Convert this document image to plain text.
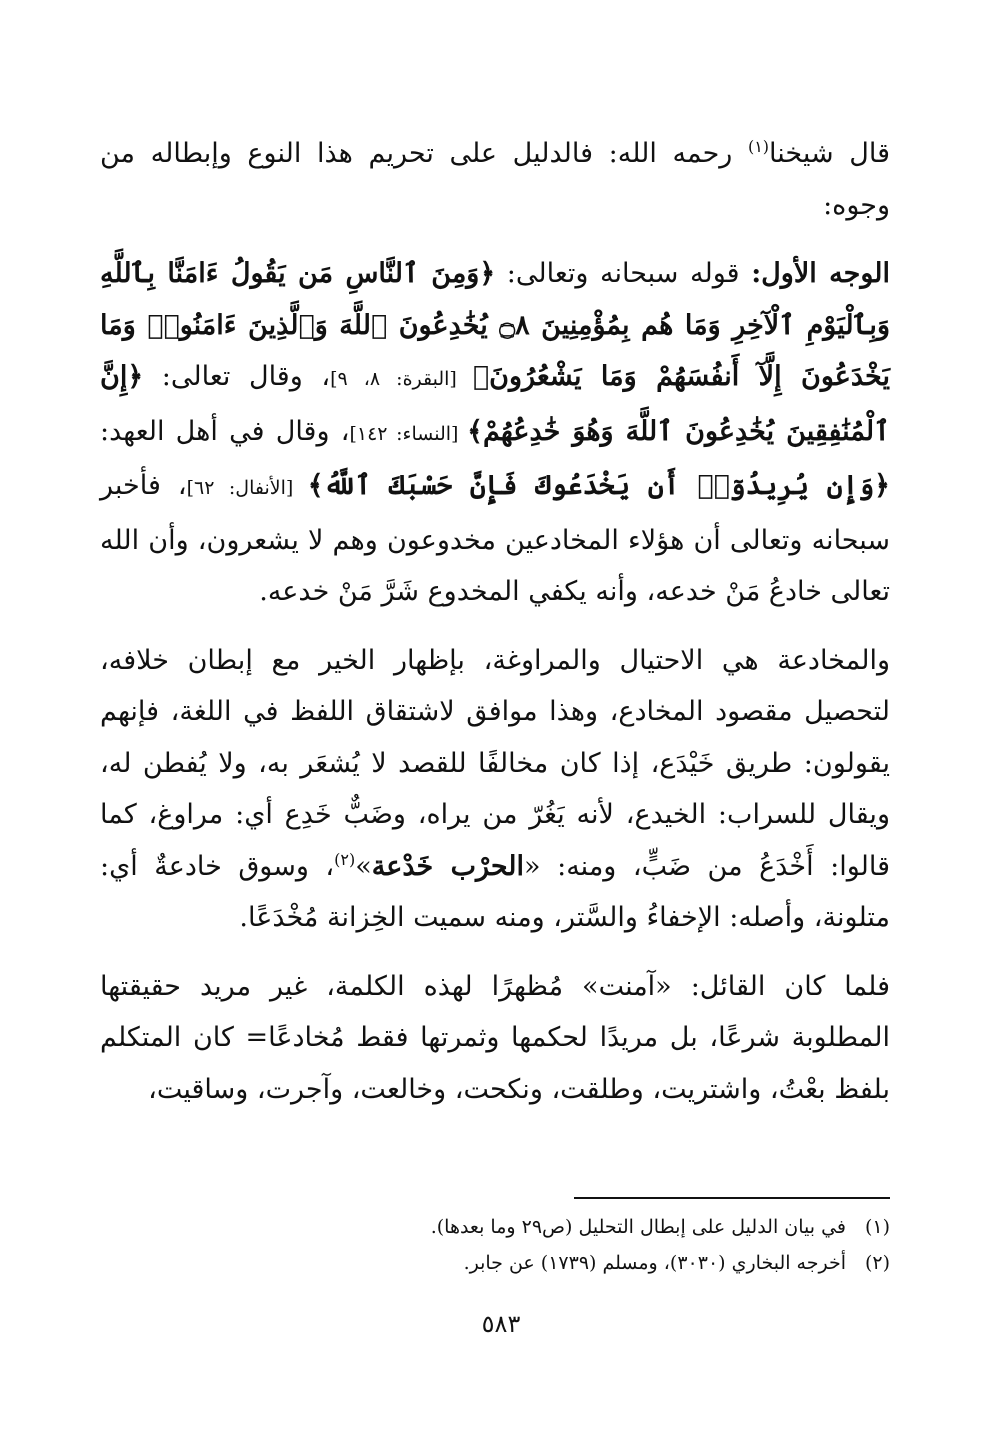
قال شيخنا$^{(١)}$ رحمه الله: فالدليل على تحريم هذا النوع وإبطاله من وجوه:

الوجه الأول: قوله سبحانه وتعالى: ﴿وَمِنَ ٱلنَّاسِ مَن يَقُولُ ءَامَنَّا بِٱللَّهِ وَبِٱلْيَوْمِ ٱلْآخِرِ وَمَا هُم بِمُؤْمِنِينَ ۝٨ يُخَٰدِعُونَ ٱللَّهَ وَٱلَّذِينَ ءَامَنُوا۟ وَمَا يَخْدَعُونَ إِلَّآ أَنفُسَهُمْ وَمَا يَشْعُرُونَ﴾ [البقرة: ٨، ٩]، وقال تعالى: ﴿إِنَّ ٱلْمُنَٰفِقِينَ يُخَٰدِعُونَ ٱللَّهَ وَهُوَ خَٰدِعُهُمْ﴾ [النساء: ١٤٢]، وقال في أهل العهد: ﴿وَإِن يُرِيدُوٓا۟ أَن يَخْدَعُوكَ فَإِنَّ حَسْبَكَ ٱللَّهُ﴾ [الأنفال: ٦٢]، فأخبر سبحانه وتعالى أن هؤلاء المخادعين مخدوعون وهم لا يشعرون، وأن الله تعالى خادعُ مَنْ خدعه، وأنه يكفي المخدوع شَرَّ مَنْ خدعه.

والمخادعة هي الاحتيال والمراوغة، بإظهار الخير مع إبطان خلافه، لتحصيل مقصود المخادع، وهذا موافق لاشتقاق اللفظ في اللغة، فإنهم يقولون: طريق خَيْدَع، إذا كان مخالفًا للقصد لا يُشعَر به، ولا يُفطن له، ويقال للسراب: الخيدع، لأنه يَغُرّ من يراه، وضَبٌّ خَدِع أي: مراوغ، كما قالوا: أَخْدَعُ من ضَبٍّ، ومنه: «الحرْب خَدْعة»$^{(٢)}$، وسوق خادعةٌ أي: متلونة، وأصله: الإخفاءُ والسَّتر، ومنه سميت الخِزانة مُخْدَعًا.

فلما كان القائل: «آمنت» مُظهرًا لهذه الكلمة، غير مريد حقيقتها المطلوبة شرعًا، بل مريدًا لحكمها وثمرتها فقط مُخادعًا= كان المتكلم بلفظ بعْتُ، واشتريت، وطلقت، ونكحت، وخالعت، وآجرت، وساقيت،

(١)في بيان الدليل على إبطال التحليل (ص٢٩ وما بعدها).

(٢)أخرجه البخاري (٣٠٣٠)، ومسلم (١٧٣٩) عن جابر.

٥٨٣
